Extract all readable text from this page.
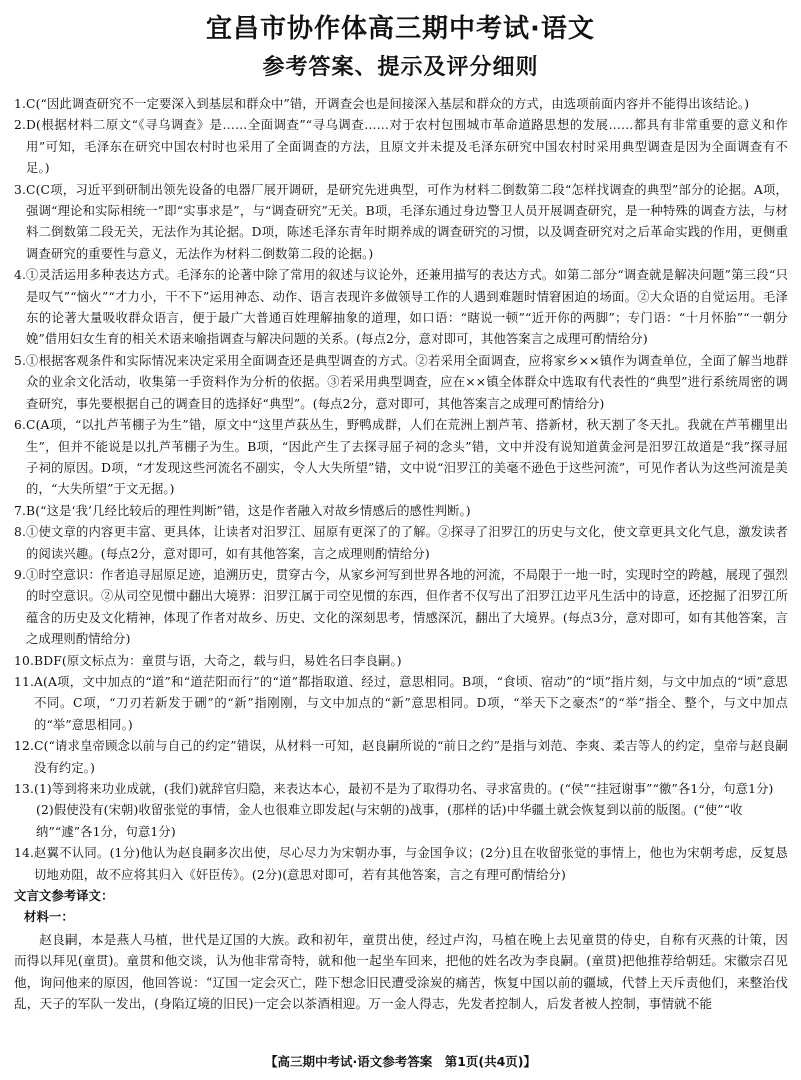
宜昌市协作体高三期中考试·语文
参考答案、提示及评分细则
1. C(“因此调查研究不一定要深入到基层和群众中”错，开调查会也是间接深入基层和群众的方式，由选项前面内容并不能得出该结论。)

2. D(根据材料二原文“《寻乌调查》是……全面调查”“寻乌调查……对于农村包围城市革命道路思想的发展……都具有非常重要的意义和作用”可知，毛泽东在研究中国农村时也采用了全面调查的方法，且原文并未提及毛泽东研究中国农村时采用典型调查是因为全面调查有不足。)

3. C(C项，习近平到研制出领先设备的电器厂展开调研，是研究先进典型，可作为材料二倒数第二段“怎样找调查的典型”部分的论据。A项，强调“理论和实际相统一”即“实事求是”，与“调查研究”无关。B项，毛泽东通过身边警卫人员开展调查研究，是一种特殊的调查方法，与材料二倒数第二段无关，无法作为其论据。D项，陈述毛泽东青年时期养成的调查研究的习惯，以及调查研究对之后革命实践的作用，更侧重调查研究的重要性与意义，无法作为材料二倒数第二段的论据。)

4. ①灵活运用多种表达方式。毛泽东的论著中除了常用的叙述与议论外，还兼用描写的表达方式。如第二部分“调查就是解决问题”第三段“只是叹气”“恼火”“才力小，干不下”运用神态、动作、语言表现许多做领导工作的人遇到难题时情窘困迫的场面。②大众语的自觉运用。毛泽东的论著大量吸收群众语言，便于最广大普通百姓理解抽象的道理，如口语：“瞎说一顿”“近开你的两脚”；专门语：“十月怀胎”“一朝分娩”借用妇女生育的相关术语来喻指调查与解决问题的关系。(每点2分，意对即可，其他答案言之成理可酌情给分)

5. ①根据客观条件和实际情况来决定采用全面调查还是典型调查的方式。②若采用全面调查，应将家乡××镇作为调查单位，全面了解当地群众的业余文化活动，收集第一手资料作为分析的依据。③若采用典型调查，应在××镇全体群众中选取有代表性的“典型”进行系统周密的调查研究，事先要根据自己的调查目的选择好“典型”。(每点2分，意对即可，其他答案言之成理可酌情给分)

6. C(A项，“以扎芦苇棚子为生”错，原文中“这里芦荻丛生，野鸭成群，人们在荒洲上割芦苇、搭新材，秋天割了冬天扎。我就在芦苇棚里出生”，但并不能说是以扎芦苇棚子为生。B项，“因此产生了去探寻屈子祠的念头”错，文中并没有说知道黄金河是汨罗江故道是“我”探寻屈子祠的原因。D项，“才发现这些河流名不副实，令人大失所望”错，文中说“汨罗江的美毫不逊色于这些河流”，可见作者认为这些河流是美的，“大失所望”于文无据。)

7. B(“这是‘我’几经比较后的理性判断”错，这是作者融入对故乡情感后的感性判断。)

8. ①使文章的内容更丰富、更具体，让读者对汨罗江、屈原有更深了的了解。②探寻了汨罗江的历史与文化，使文章更具文化气息，激发读者的阅读兴趣。(每点2分，意对即可，如有其他答案，言之成理则酌情给分)

9. ①时空意识：作者追寻屈原足迹，追溯历史，贯穿古今，从家乡河写到世界各地的河流，不局限于一地一时，实现时空的跨越，展现了强烈的时空意识。②从司空见惯中翻出大境界：汨罗江属于司空见惯的东西，但作者不仅写出了汨罗江边平凡生活中的诗意，还挖掘了汨罗江所蕴含的历史及文化精神，体现了作者对故乡、历史、文化的深刻思考，情感深沉，翻出了大境界。(每点3分，意对即可，如有其他答案，言之成理则酌情给分)

10. BDF(原文标点为：童贯与语，大奇之，载与归，易姓名曰李良嗣。)

11. A(A项，文中加点的“道”和“道茫阳而行”的“道”都指取道、经过，意思相同。B项，“食顷、宿动”的“顷”指片刻，与文中加点的“顷”意思不同。C项，“刀刃若新发于硎”的“新”指刚刚，与文中加点的“新”意思相同。D项，“举天下之豪杰”的“举”指全、整个，与文中加点的“举”意思相同。)

12. C(“请求皇帝顾念以前与自己的约定”错误，从材料一可知，赵良嗣所说的“前日之约”是指与刘范、李爽、柔吉等人的约定，皇帝与赵良嗣没有约定。)

13. (1)等到将来功业成就，(我们)就辞官归隐，来表达本心，最初不是为了取得功名、寻求富贵的。(“侯”“挂冠谢事”“徼”各1分，句意1分)

(2)假使没有(宋朝)收留张觉的事情，金人也很难立即发起(与宋朝的)战事，(那样的话)中华疆土就会恢复到以前的版图。(“使”“收纳”“遽”各1分，句意1分)

14. 赵翼不认同。(1分)他认为赵良嗣多次出使，尽心尽力为宋朝办事，与金国争议；(2分)且在收留张觉的事情上，他也为宋朝考虑，反复恳切地劝阻，故不应将其归入《奸臣传》。(2分)(意思对即可，若有其他答案，言之有理可酌情给分)

文言文参考译文：

材料一：

赵良嗣，本是燕人马植，世代是辽国的大族。政和初年，童贯出使，经过卢沟，马植在晚上去见童贯的侍史，自称有灭燕的计策，因而得以拜见(童贯)。童贯和他交谈，认为他非常奇特，就和他一起坐车回来，把他的姓名改为李良嗣。(童贯)把他推荐给朝廷。宋徽宗召见他，询问他来的原因，他回答说：“辽国一定会灭亡，陛下想念旧民遭受涂炭的痛苦，恢复中国以前的疆域，代替上天斥责他们，来整治伐乱，天子的军队一发出，(身陷辽境的旧民)一定会以茶酒相迎。万一金人得志，先发者控制人，后发者被人控制，事情就不能

【高三期中考试·语文参考答案　第1页(共4页)】
